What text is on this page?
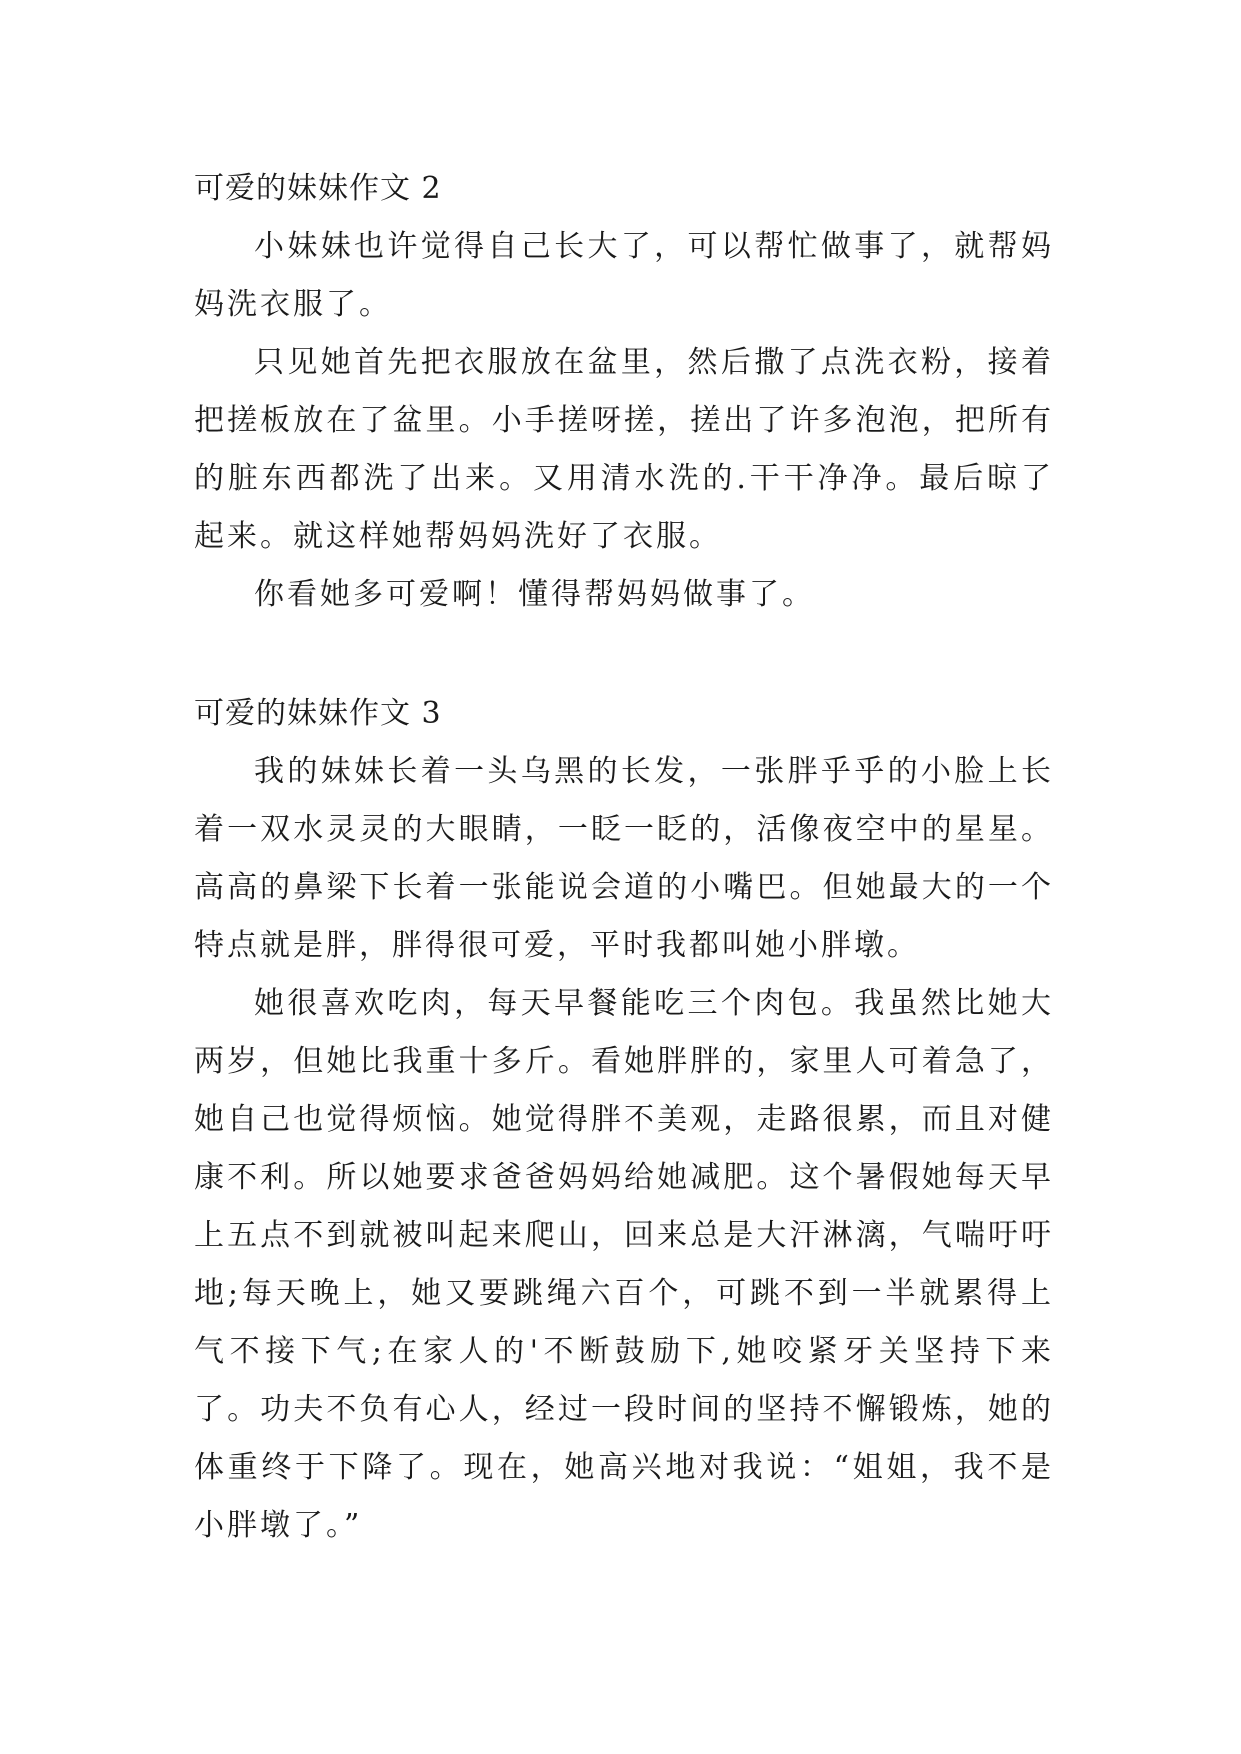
可爱的妹妹作文 2

小妹妹也许觉得自己长大了，可以帮忙做事了，就帮妈妈洗衣服了。

只见她首先把衣服放在盆里，然后撒了点洗衣粉，接着把搓板放在了盆里。小手搓呀搓，搓出了许多泡泡，把所有的脏东西都洗了出来。又用清水洗的.干干净净。最后晾了起来。就这样她帮妈妈洗好了衣服。

你看她多可爱啊！懂得帮妈妈做事了。

可爱的妹妹作文 3

我的妹妹长着一头乌黑的长发，一张胖乎乎的小脸上长着一双水灵灵的大眼睛，一眨一眨的，活像夜空中的星星。高高的鼻梁下长着一张能说会道的小嘴巴。但她最大的一个特点就是胖，胖得很可爱，平时我都叫她小胖墩。

她很喜欢吃肉，每天早餐能吃三个肉包。我虽然比她大两岁，但她比我重十多斤。看她胖胖的，家里人可着急了，她自己也觉得烦恼。她觉得胖不美观，走路很累，而且对健康不利。所以她要求爸爸妈妈给她减肥。这个暑假她每天早上五点不到就被叫起来爬山，回来总是大汗淋漓，气喘吁吁地;每天晚上，她又要跳绳六百个，可跳不到一半就累得上气不接下气;在家人的'不断鼓励下,她咬紧牙关坚持下来了。功夫不负有心人，经过一段时间的坚持不懈锻炼，她的体重终于下降了。现在，她高兴地对我说：“姐姐，我不是小胖墩了。”
